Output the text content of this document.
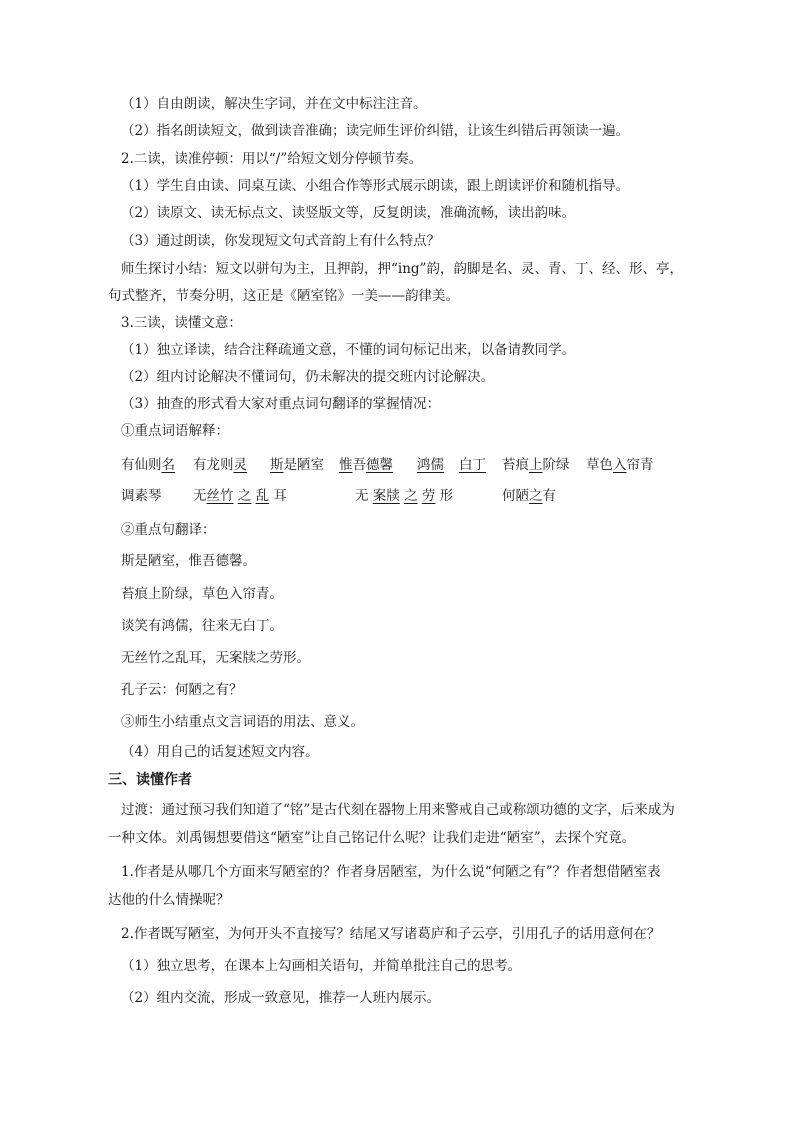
（1）自由朗读，解决生字词，并在文中标注注音。
（2）指名朗读短文，做到读音准确；读完师生评价纠错，让该生纠错后再领读一遍。
2.二读，读准停顿：用以“/”给短文划分停顿节奏。
（1）学生自由读、同桌互读、小组合作等形式展示朗读，跟上朗读评价和随机指导。
（2）读原文、读无标点文、读竖版文等，反复朗读，准确流畅，读出韵味。
（3）通过朗读，你发现短文句式音韵上有什么特点？
师生探讨小结：短文以骈句为主，且押韵，押“ing”韵，韵脚是名、灵、青、丁、经、形、亭，
句式整齐，节奏分明，这正是《陋室铭》一美——韵律美。
3.三读，读懂文意：
（1）独立译读，结合注释疏通文意，不懂的词句标记出来，以备请教同学。
（2）组内讨论解决不懂词句，仍未解决的提交班内讨论解决。
（3）抽查的形式看大家对重点词句翻译的掌握情况：
①重点词语解释：
有仙则名 有龙则灵 斯是陋室 惟吾德馨 鸿儒 白丁 苔痕上阶绿 草色入帘青
调素琴 无丝竹 之 乱 耳	无 案牍 之 劳 形	何陋之有
②重点句翻译：
斯是陋室，惟吾德馨。
苔痕上阶绿，草色入帘青。
谈笑有鸿儒，往来无白丁。
无丝竹之乱耳，无案牍之劳形。
孔子云：何陋之有？
③师生小结重点文言词语的用法、意义。
（4）用自己的话复述短文内容。
三、读懂作者
过渡：通过预习我们知道了“铭”是古代刻在器物上用来警戒自己或称颂功德的文字，后来成为
一种文体。刘禹锡想要借这“陋室”让自己铭记什么呢？让我们走进“陋室”，去探个究竟。
1.作者是从哪几个方面来写陋室的？作者身居陋室，为什么说“何陋之有”？作者想借陋室表
达他的什么情操呢？
2.作者既写陋室，为何开头不直接写？结尾又写诸葛庐和子云亭，引用孔子的话用意何在？
（1）独立思考，在课本上勾画相关语句，并简单批注自己的思考。
（2）组内交流，形成一致意见，推荐一人班内展示。
